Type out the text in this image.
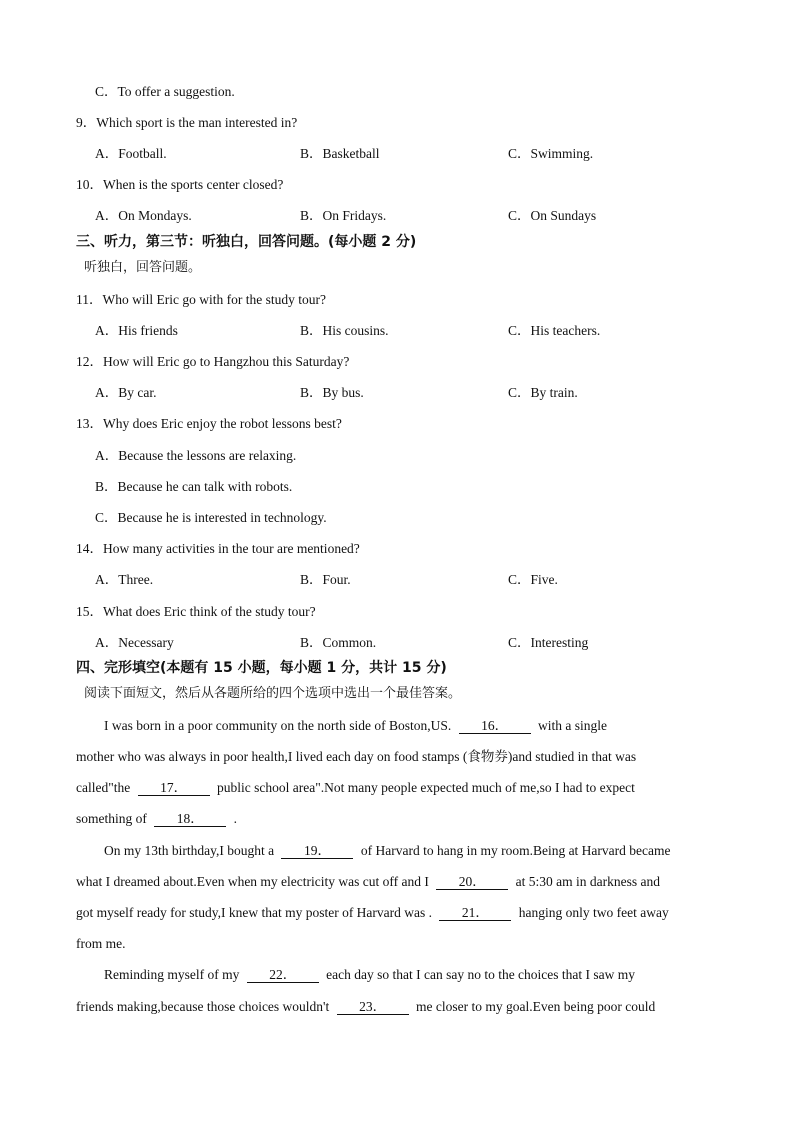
C．To offer a suggestion.
9．Which sport is the man interested in?
A．Football.	B．Basketball	C．Swimming.
10．When is the sports center closed?
A．On Mondays.	B．On Fridays.	C．On Sundays
三、听力，第三节：听独白，回答问题。(每小题 2 分)
听独白，回答问题。
11．Who will Eric go with for the study tour?
A．His friends	B．His cousins.	C．His teachers.
12．How will Eric go to Hangzhou this Saturday?
A．By car.	B．By bus.	C．By train.
13．Why does Eric enjoy the robot lessons best?
A．Because the lessons are relaxing.
B．Because he can talk with robots.
C．Because he is interested in technology.
14．How many activities in the tour are mentioned?
A．Three.	B．Four.	C．Five.
15．What does Eric think of the study tour?
A．Necessary	B．Common.	C．Interesting
四、完形填空(本题有 15 小题，每小题 1 分，共计 15 分)
阅读下面短文，然后从各题所给的四个选项中选出一个最佳答案。
I was born in a poor community on the north side of Boston,US. 16． with a single
mother who was always in poor health,I lived each day on food stamps (食物券)and studied in that was
called"the 17． public school area".Not many people expected much of me,so I had to expect
something of 18． .
On my 13th birthday,I bought a 19． of Harvard to hang in my room.Being at Harvard became
what I dreamed about.Even when my electricity was cut off and I 20． at 5:30 am in darkness and
got myself ready for study,I knew that my poster of Harvard was . 21． hanging only two feet away
from me.
Reminding myself of my 22． each day so that I can say no to the choices that I saw my
friends making,because those choices wouldn't 23． me closer to my goal.Even being poor could
